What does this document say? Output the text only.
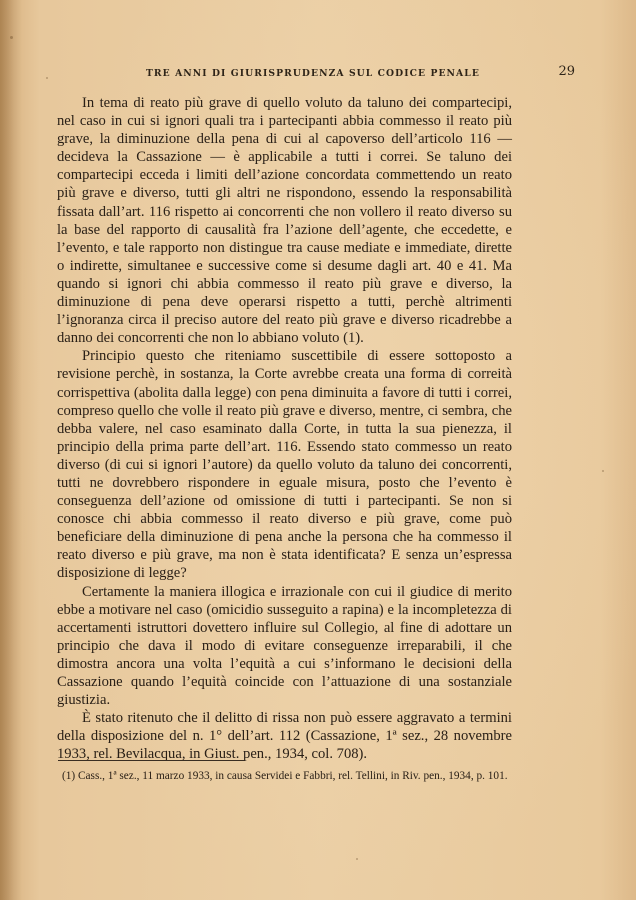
TRE ANNI DI GIURISPRUDENZA SUL CODICE PENALE	29

In tema di reato più grave di quello voluto da taluno dei compartecipi, nel caso in cui si ignori quali tra i partecipanti abbia commesso il reato più grave, la diminuzione della pena di cui al capoverso dell’articolo 116 — decideva la Cassazione — è applicabile a tutti i correi. Se taluno dei compartecipi ecceda i limiti dell’azione concordata commettendo un reato più grave e diverso, tutti gli altri ne rispondono, essendo la responsabilità fissata dall’art. 116 rispetto ai concorrenti che non vollero il reato diverso su la base del rapporto di causalità fra l’azione dell’agente, che eccedette, e l’evento, e tale rapporto non distingue tra cause mediate e immediate, dirette o indirette, simultanee e successive come si desume dagli art. 40 e 41. Ma quando si ignori chi abbia commesso il reato più grave e diverso, la diminuzione di pena deve operarsi rispetto a tutti, perchè altrimenti l’ignoranza circa il preciso autore del reato più grave e diverso ricadrebbe a danno dei concorrenti che non lo abbiano voluto (1).

Principio questo che riteniamo suscettibile di essere sottoposto a revisione perchè, in sostanza, la Corte avrebbe creata una forma di correità corrispettiva (abolita dalla legge) con pena diminuita a favore di tutti i correi, compreso quello che volle il reato più grave e diverso, mentre, ci sembra, che debba valere, nel caso esaminato dalla Corte, in tutta la sua pienezza, il principio della prima parte dell’art. 116. Essendo stato commesso un reato diverso (di cui si ignori l’autore) da quello voluto da taluno dei concorrenti, tutti ne dovrebbero rispondere in eguale misura, posto che l’evento è conseguenza dell’azione od omissione di tutti i partecipanti. Se non si conosce chi abbia commesso il reato diverso e più grave, come può beneficiare della diminuzione di pena anche la persona che ha commesso il reato diverso e più grave, ma non è stata identificata? E senza un’espressa disposizione di legge?

Certamente la maniera illogica e irrazionale con cui il giudice di merito ebbe a motivare nel caso (omicidio susseguito a rapina) e la incompletezza di accertamenti istruttori dovettero influire sul Collegio, al fine di adottare un principio che dava il modo di evitare conseguenze irreparabili, il che dimostra ancora una volta l’equità a cui s’informano le decisioni della Cassazione quando l’equità coincide con l’attuazione di una sostanziale giustizia.

È stato ritenuto che il delitto di rissa non può essere aggravato a termini della disposizione del n. 1° dell’art. 112 (Cassazione, 1ª sez., 28 novembre 1933, rel. Bevilacqua, in Giust. pen., 1934, col. 708).

(1) Cass., 1ª sez., 11 marzo 1933, in causa Servidei e Fabbri, rel. Tellini, in Riv. pen., 1934, p. 101.
